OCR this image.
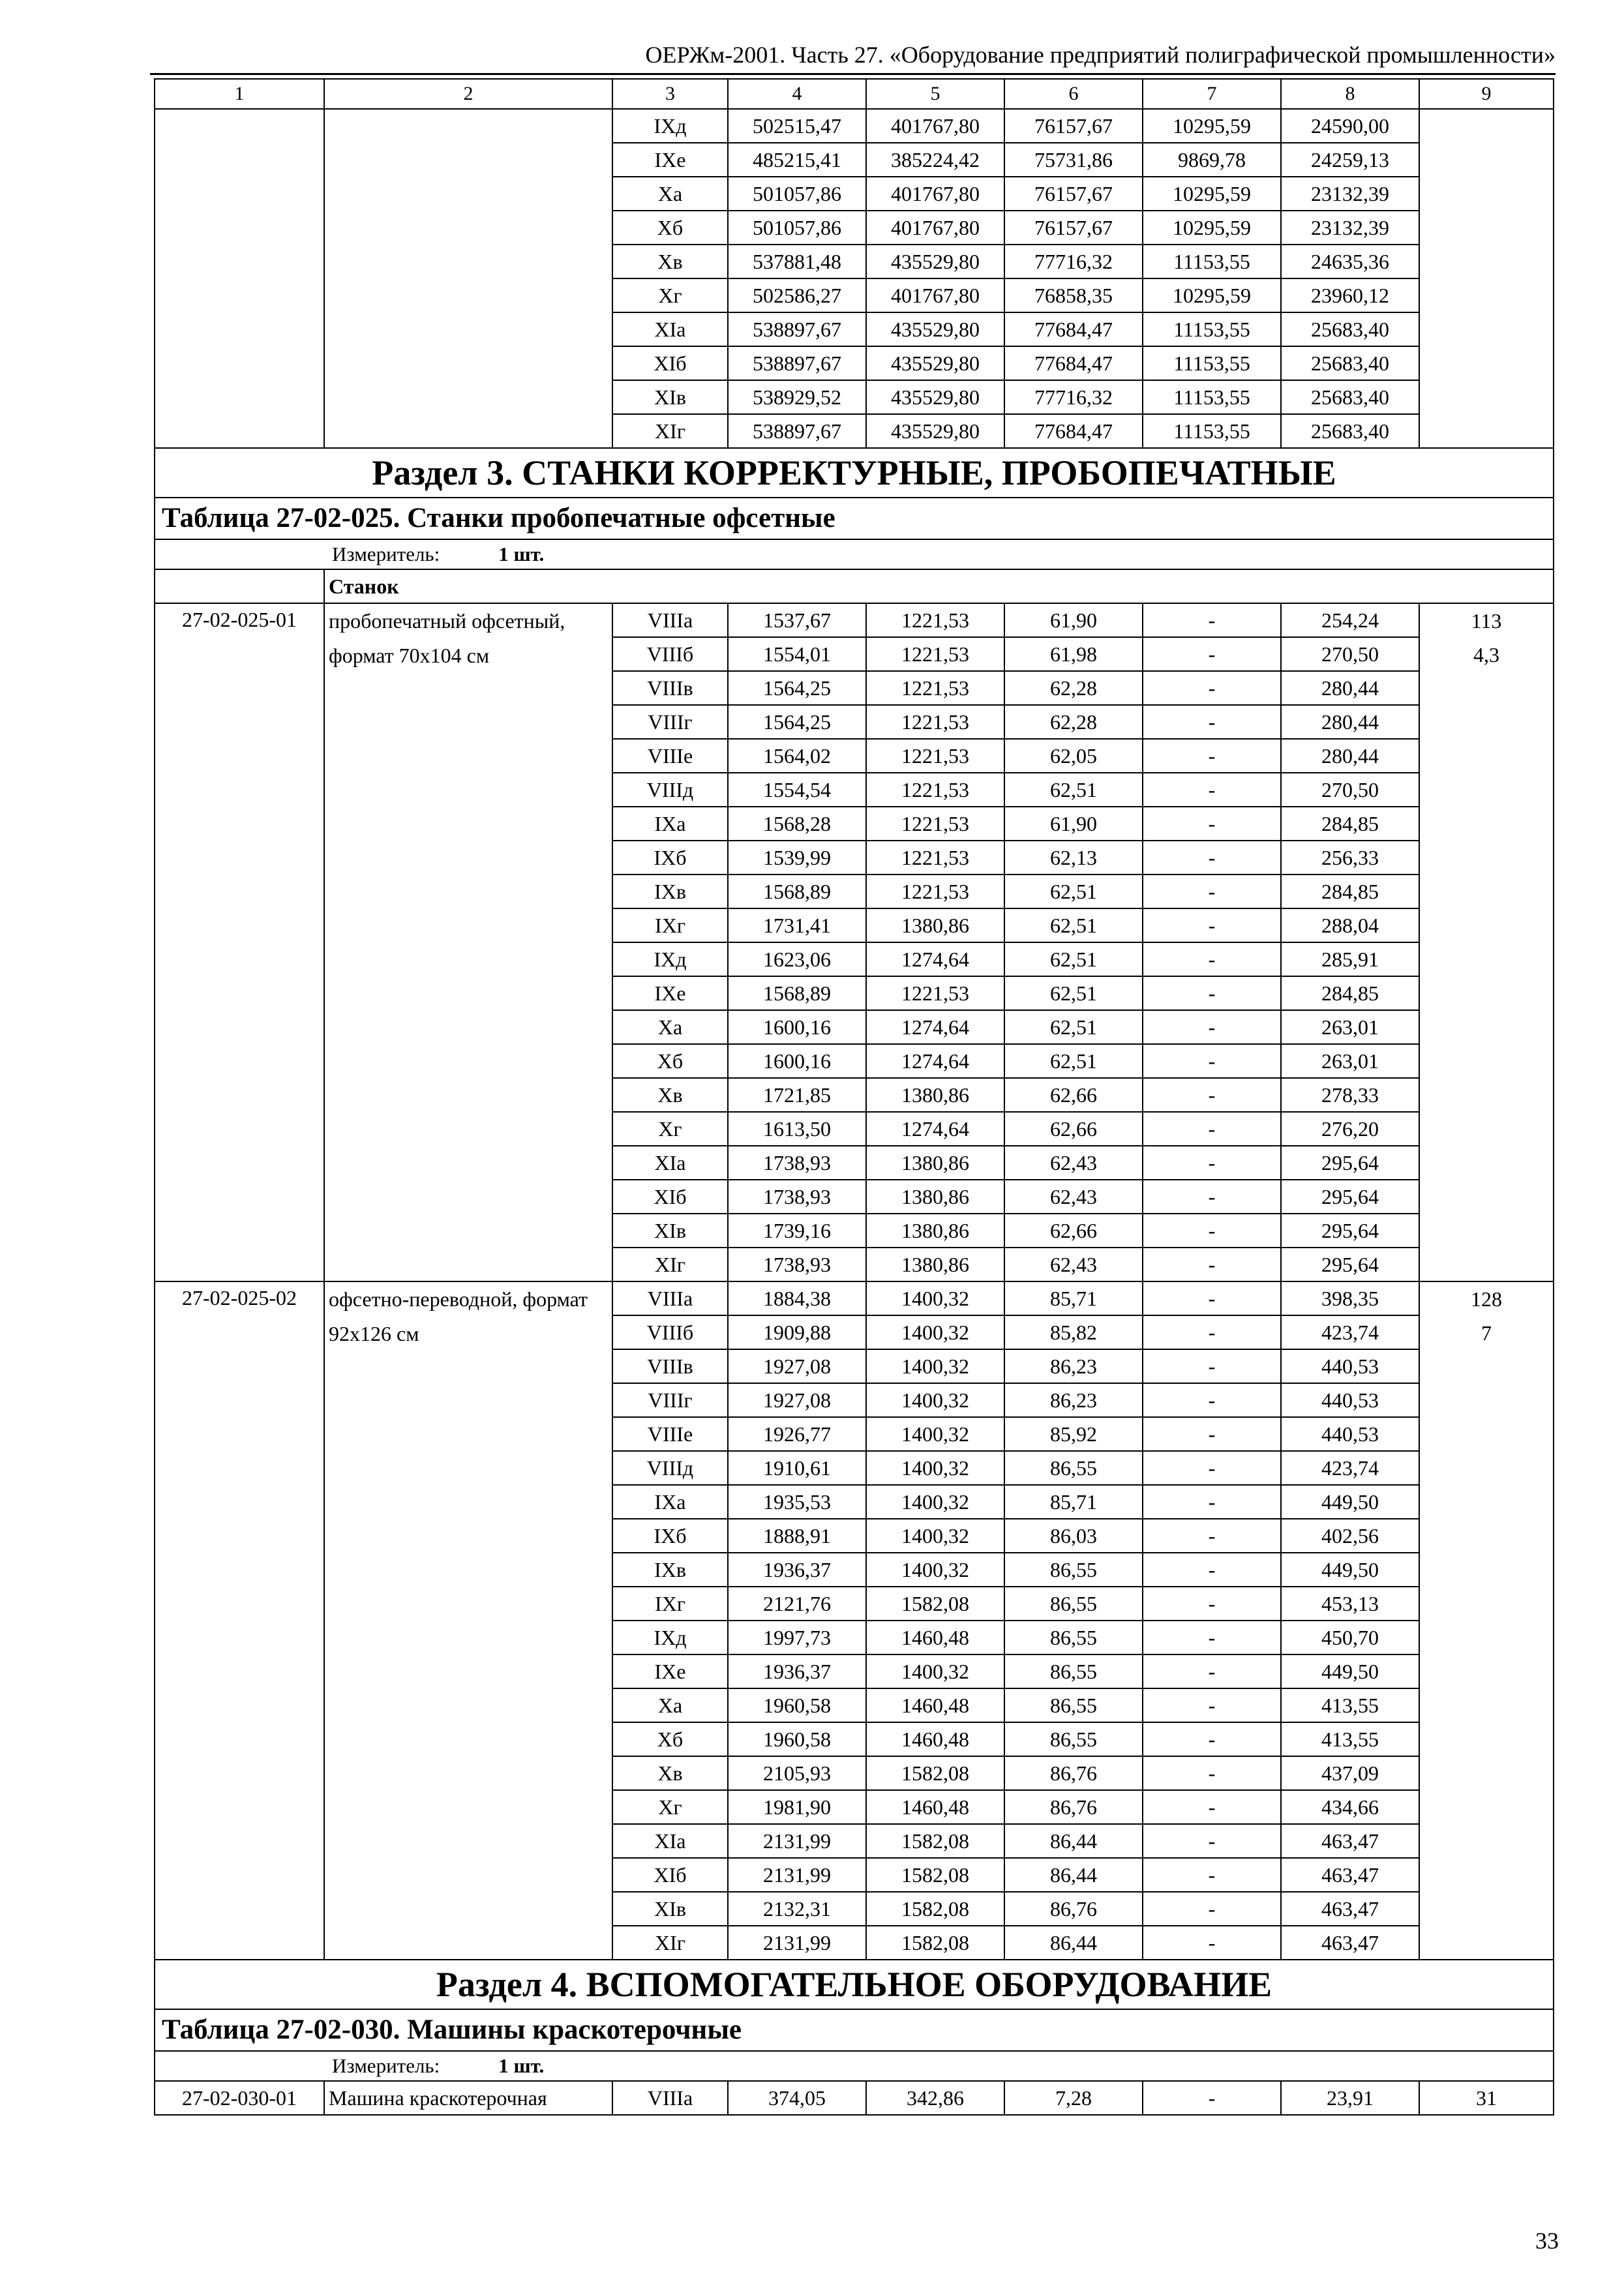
ОЕРЖм-2001. Часть 27. «Оборудование предприятий полиграфической промышленности»
1	2	3	4	5	6	7	8	9
		IXд	502515,47	401767,80	76157,67	10295,59	24590,00	
		IXe	485215,41	385224,42	75731,86	9869,78	24259,13	
		Xa	501057,86	401767,80	76157,67	10295,59	23132,39	
		Xб	501057,86	401767,80	76157,67	10295,59	23132,39	
		Xв	537881,48	435529,80	77716,32	11153,55	24635,36	
		Xг	502586,27	401767,80	76858,35	10295,59	23960,12	
		XIa	538897,67	435529,80	77684,47	11153,55	25683,40	
		XIб	538897,67	435529,80	77684,47	11153,55	25683,40	
		XIв	538929,52	435529,80	77716,32	11153,55	25683,40	
		XIг	538897,67	435529,80	77684,47	11153,55	25683,40	
Раздел 3. СТАНКИ КОРРЕКТУРНЫЕ, ПРОБОПЕЧАТНЫЕ								
Таблица 27-02-025. Станки пробопечатные офсетные								
Измеритель: 1 шт.								
	Станок							
27-02-025-01	пробопечатный офсетный, формат 70x104 см	VIIIa	1537,67	1221,53	61,90	-	254,24	113
4,3

		VIIIб	1554,01	1221,53	61,98	-	270,50	
		VIIIв	1564,25	1221,53	62,28	-	280,44	
		VIIIг	1564,25	1221,53	62,28	-	280,44	
		VIIIe	1564,02	1221,53	62,05	-	280,44	
		VIIIд	1554,54	1221,53	62,51	-	270,50	
		IXa	1568,28	1221,53	61,90	-	284,85	
		IXб	1539,99	1221,53	62,13	-	256,33	
		IXв	1568,89	1221,53	62,51	-	284,85	
		IXг	1731,41	1380,86	62,51	-	288,04	
		IXд	1623,06	1274,64	62,51	-	285,91	
		IXe	1568,89	1221,53	62,51	-	284,85	
		Xa	1600,16	1274,64	62,51	-	263,01	
		Xб	1600,16	1274,64	62,51	-	263,01	
		Xв	1721,85	1380,86	62,66	-	278,33	
		Xг	1613,50	1274,64	62,66	-	276,20	
		XIa	1738,93	1380,86	62,43	-	295,64	
		XIб	1738,93	1380,86	62,43	-	295,64	
		XIв	1739,16	1380,86	62,66	-	295,64	
		XIг	1738,93	1380,86	62,43	-	295,64	
27-02-025-02	офсетно-переводной, формат 92x126 см	VIIIa	1884,38	1400,32	85,71	-	398,35	128
7

		VIIIб	1909,88	1400,32	85,82	-	423,74	
		VIIIв	1927,08	1400,32	86,23	-	440,53	
		VIIIг	1927,08	1400,32	86,23	-	440,53	
		VIIIe	1926,77	1400,32	85,92	-	440,53	
		VIIIд	1910,61	1400,32	86,55	-	423,74	
		IXa	1935,53	1400,32	85,71	-	449,50	
		IXб	1888,91	1400,32	86,03	-	402,56	
		IXв	1936,37	1400,32	86,55	-	449,50	
		IXг	2121,76	1582,08	86,55	-	453,13	
		IXд	1997,73	1460,48	86,55	-	450,70	
		IXe	1936,37	1400,32	86,55	-	449,50	
		Xa	1960,58	1460,48	86,55	-	413,55	
		Xб	1960,58	1460,48	86,55	-	413,55	
		Xв	2105,93	1582,08	86,76	-	437,09	
		Xг	1981,90	1460,48	86,76	-	434,66	
		XIa	2131,99	1582,08	86,44	-	463,47	
		XIб	2131,99	1582,08	86,44	-	463,47	
		XIв	2132,31	1582,08	86,76	-	463,47	
		XIг	2131,99	1582,08	86,44	-	463,47	
Раздел 4. ВСПОМОГАТЕЛЬНОЕ ОБОРУДОВАНИЕ								
Таблица 27-02-030. Машины краскотерочные								
Измеритель: 1 шт.								
27-02-030-01	Машина краскотерочная	VIIIa	374,05	342,86	7,28	-	23,91	31
33
